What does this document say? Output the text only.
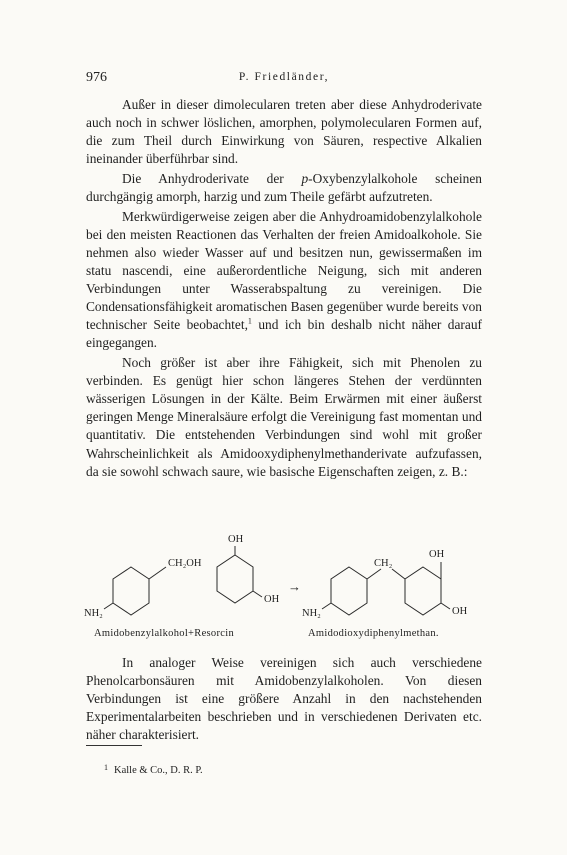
976	P. Friedländer,

Außer in dieser dimolecularen treten aber diese Anhydroderivate auch noch in schwer löslichen, amorphen, polymolecularen Formen auf, die zum Theil durch Einwirkung von Säuren, respective Alkalien ineinander überführbar sind.

Die Anhydroderivate der p-Oxybenzylalkohole scheinen durchgängig amorph, harzig und zum Theile gefärbt aufzutreten.

Merkwürdigerweise zeigen aber die Anhydroamidobenzylalkohole bei den meisten Reactionen das Verhalten der freien Amidoalkohole. Sie nehmen also wieder Wasser auf und besitzen nun, gewissermaßen im statu nascendi, eine außerordentliche Neigung, sich mit anderen Verbindungen unter Wasserabspaltung zu vereinigen. Die Condensationsfähigkeit aromatischen Basen gegenüber wurde bereits von technischer Seite beobachtet,$^1$ und ich bin deshalb nicht näher darauf eingegangen.

Noch größer ist aber ihre Fähigkeit, sich mit Phenolen zu verbinden. Es genügt hier schon längeres Stehen der verdünnten wässerigen Lösungen in der Kälte. Beim Erwärmen mit einer äußerst geringen Menge Mineralsäure erfolgt die Vereinigung fast momentan und quantitativ. Die entstehenden Verbindungen sind wohl mit großer Wahrscheinlichkeit als Amidooxydiphenylmethanderivate aufzufassen, da sie sowohl schwach saure, wie basische Eigenschaften zeigen, z. B.:

CH₂OH
NH₂
OH
OH
→
CH₂
OH
NH₂	OH
Amidobenzylalkohol+Resorcin	Amidodioxydiphenylmethan.

In analoger Weise vereinigen sich auch verschiedene Phenolcarbonsäuren mit Amidobenzylalkoholen. Von diesen Verbindungen ist eine größere Anzahl in den nachstehenden Experimentalarbeiten beschrieben und in verschiedenen Derivaten etc. näher charakterisiert.

$^1$ Kalle & Co., D. R. P.
